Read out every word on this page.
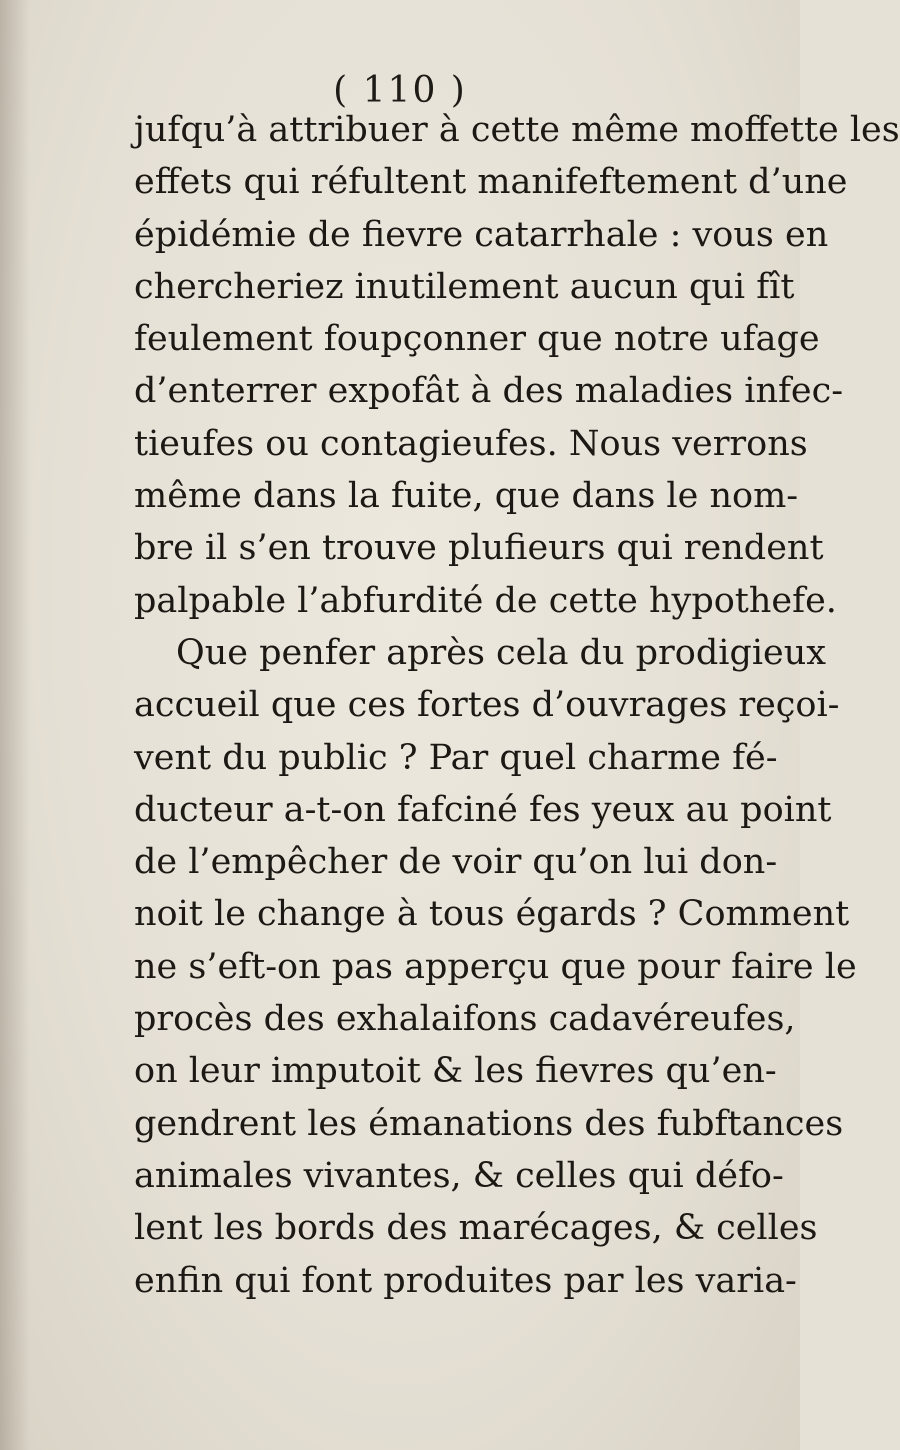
( 110 )
jufqu’à attribuer à cette même moffette les
effets qui réfultent manifeftement d’une
épidémie de fievre catarrhale : vous en
chercheriez inutilement aucun qui fît
feulement foupçonner que notre ufage
d’enterrer expofât à des maladies infec-
tieufes ou contagieufes. Nous verrons
même dans la fuite, que dans le nom-
bre il s’en trouve plufieurs qui rendent
palpable l’abfurdité de cette hypothefe.
Que penfer après cela du prodigieux
accueil que ces fortes d’ouvrages reçoi-
vent du public ? Par quel charme fé-
ducteur a-t-on fafciné fes yeux au point
de l’empêcher de voir qu’on lui don-
noit le change à tous égards ? Comment
ne s’eft-on pas apperçu que pour faire le
procès des exhalaifons cadavéreufes,
on leur imputoit & les fievres qu’en-
gendrent les émanations des fubftances
animales vivantes, & celles qui défo-
lent les bords des marécages, & celles
enfin qui font produites par les varia-
